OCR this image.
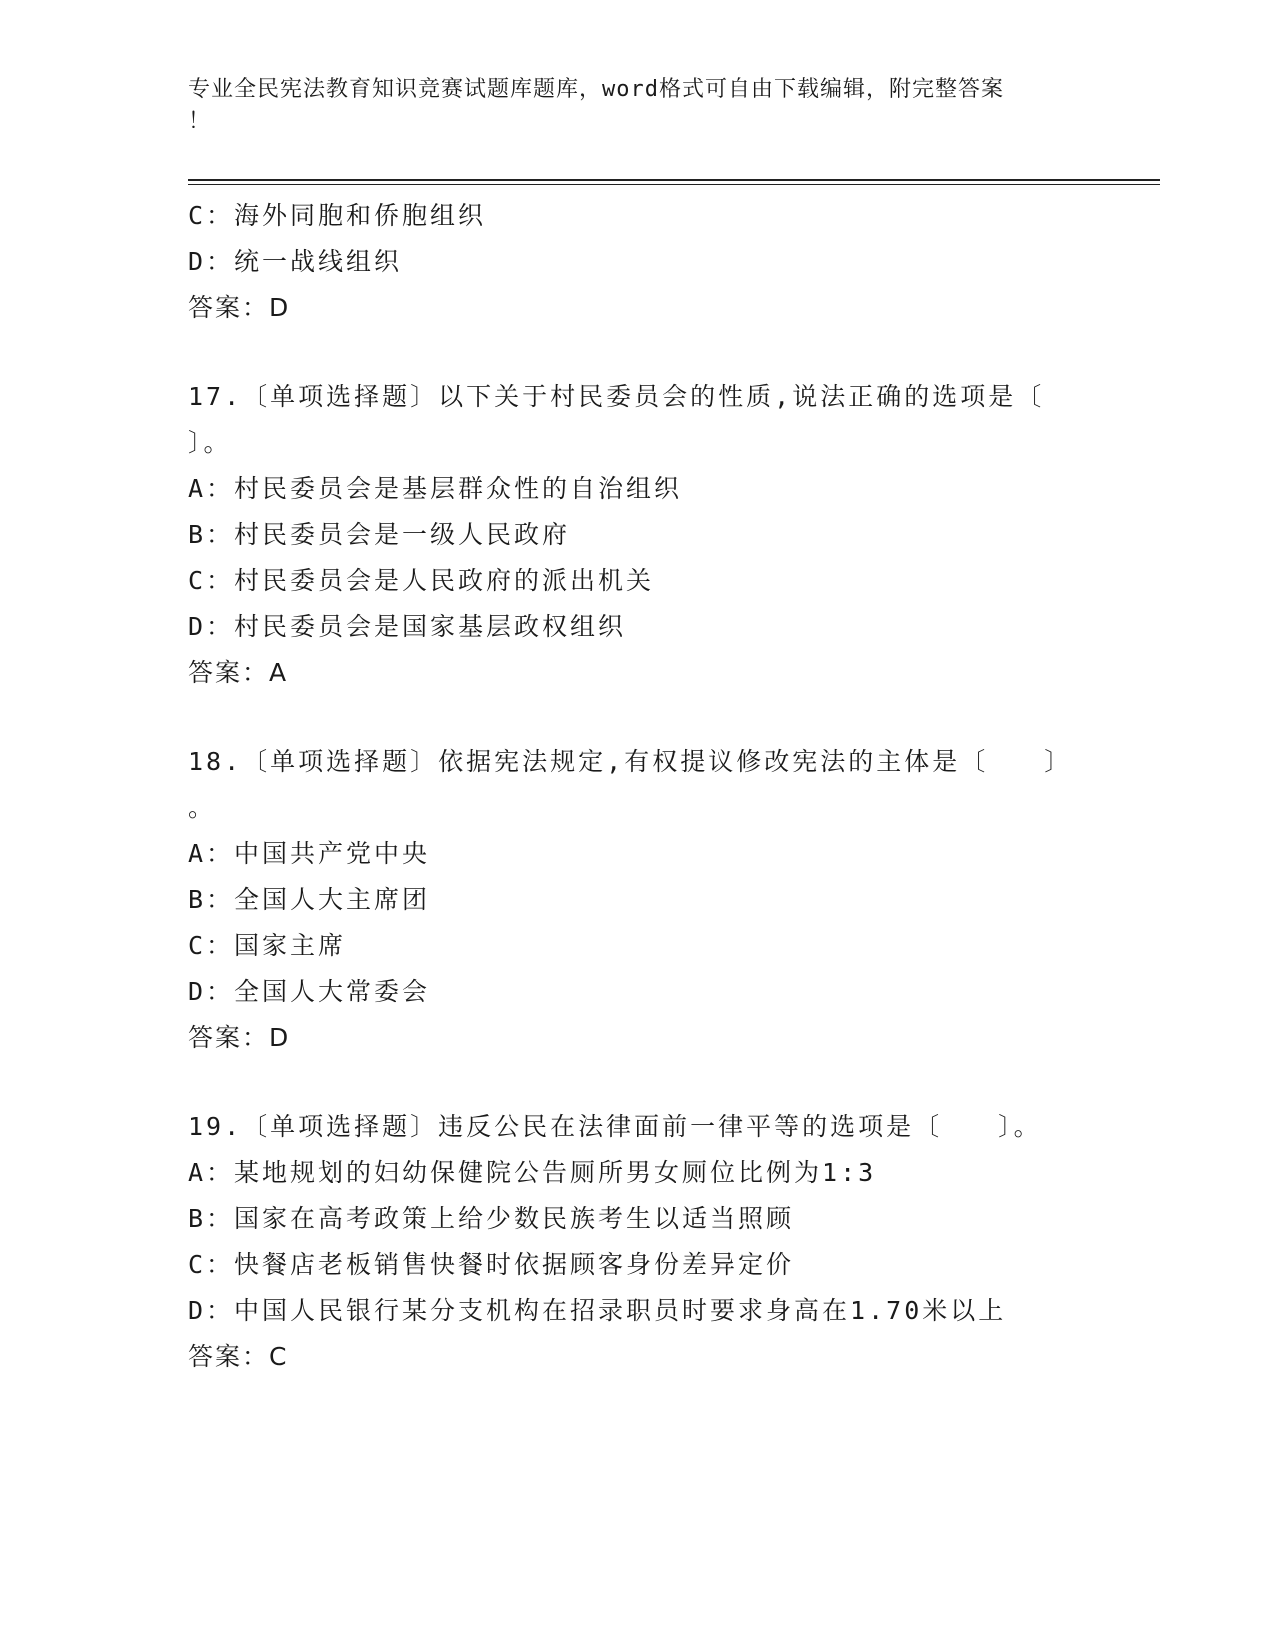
专业全民宪法教育知识竞赛试题库题库，word格式可自由下载编辑，附完整答案
！
C：海外同胞和侨胞组织
D：统一战线组织
答案：D
17.〔单项选择题〕以下关于村民委员会的性质,说法正确的选项是〔
〕。
A：村民委员会是基层群众性的自治组织
B：村民委员会是一级人民政府
C：村民委员会是人民政府的派出机关
D：村民委员会是国家基层政权组织
答案：A
18.〔单项选择题〕依据宪法规定,有权提议修改宪法的主体是〔　　〕
。
A：中国共产党中央
B：全国人大主席团
C：国家主席
D：全国人大常委会
答案：D
19.〔单项选择题〕违反公民在法律面前一律平等的选项是〔　　〕。
A：某地规划的妇幼保健院公告厕所男女厕位比例为1:3
B：国家在高考政策上给少数民族考生以适当照顾
C：快餐店老板销售快餐时依据顾客身份差异定价
D：中国人民银行某分支机构在招录职员时要求身高在1.70米以上
答案：C
